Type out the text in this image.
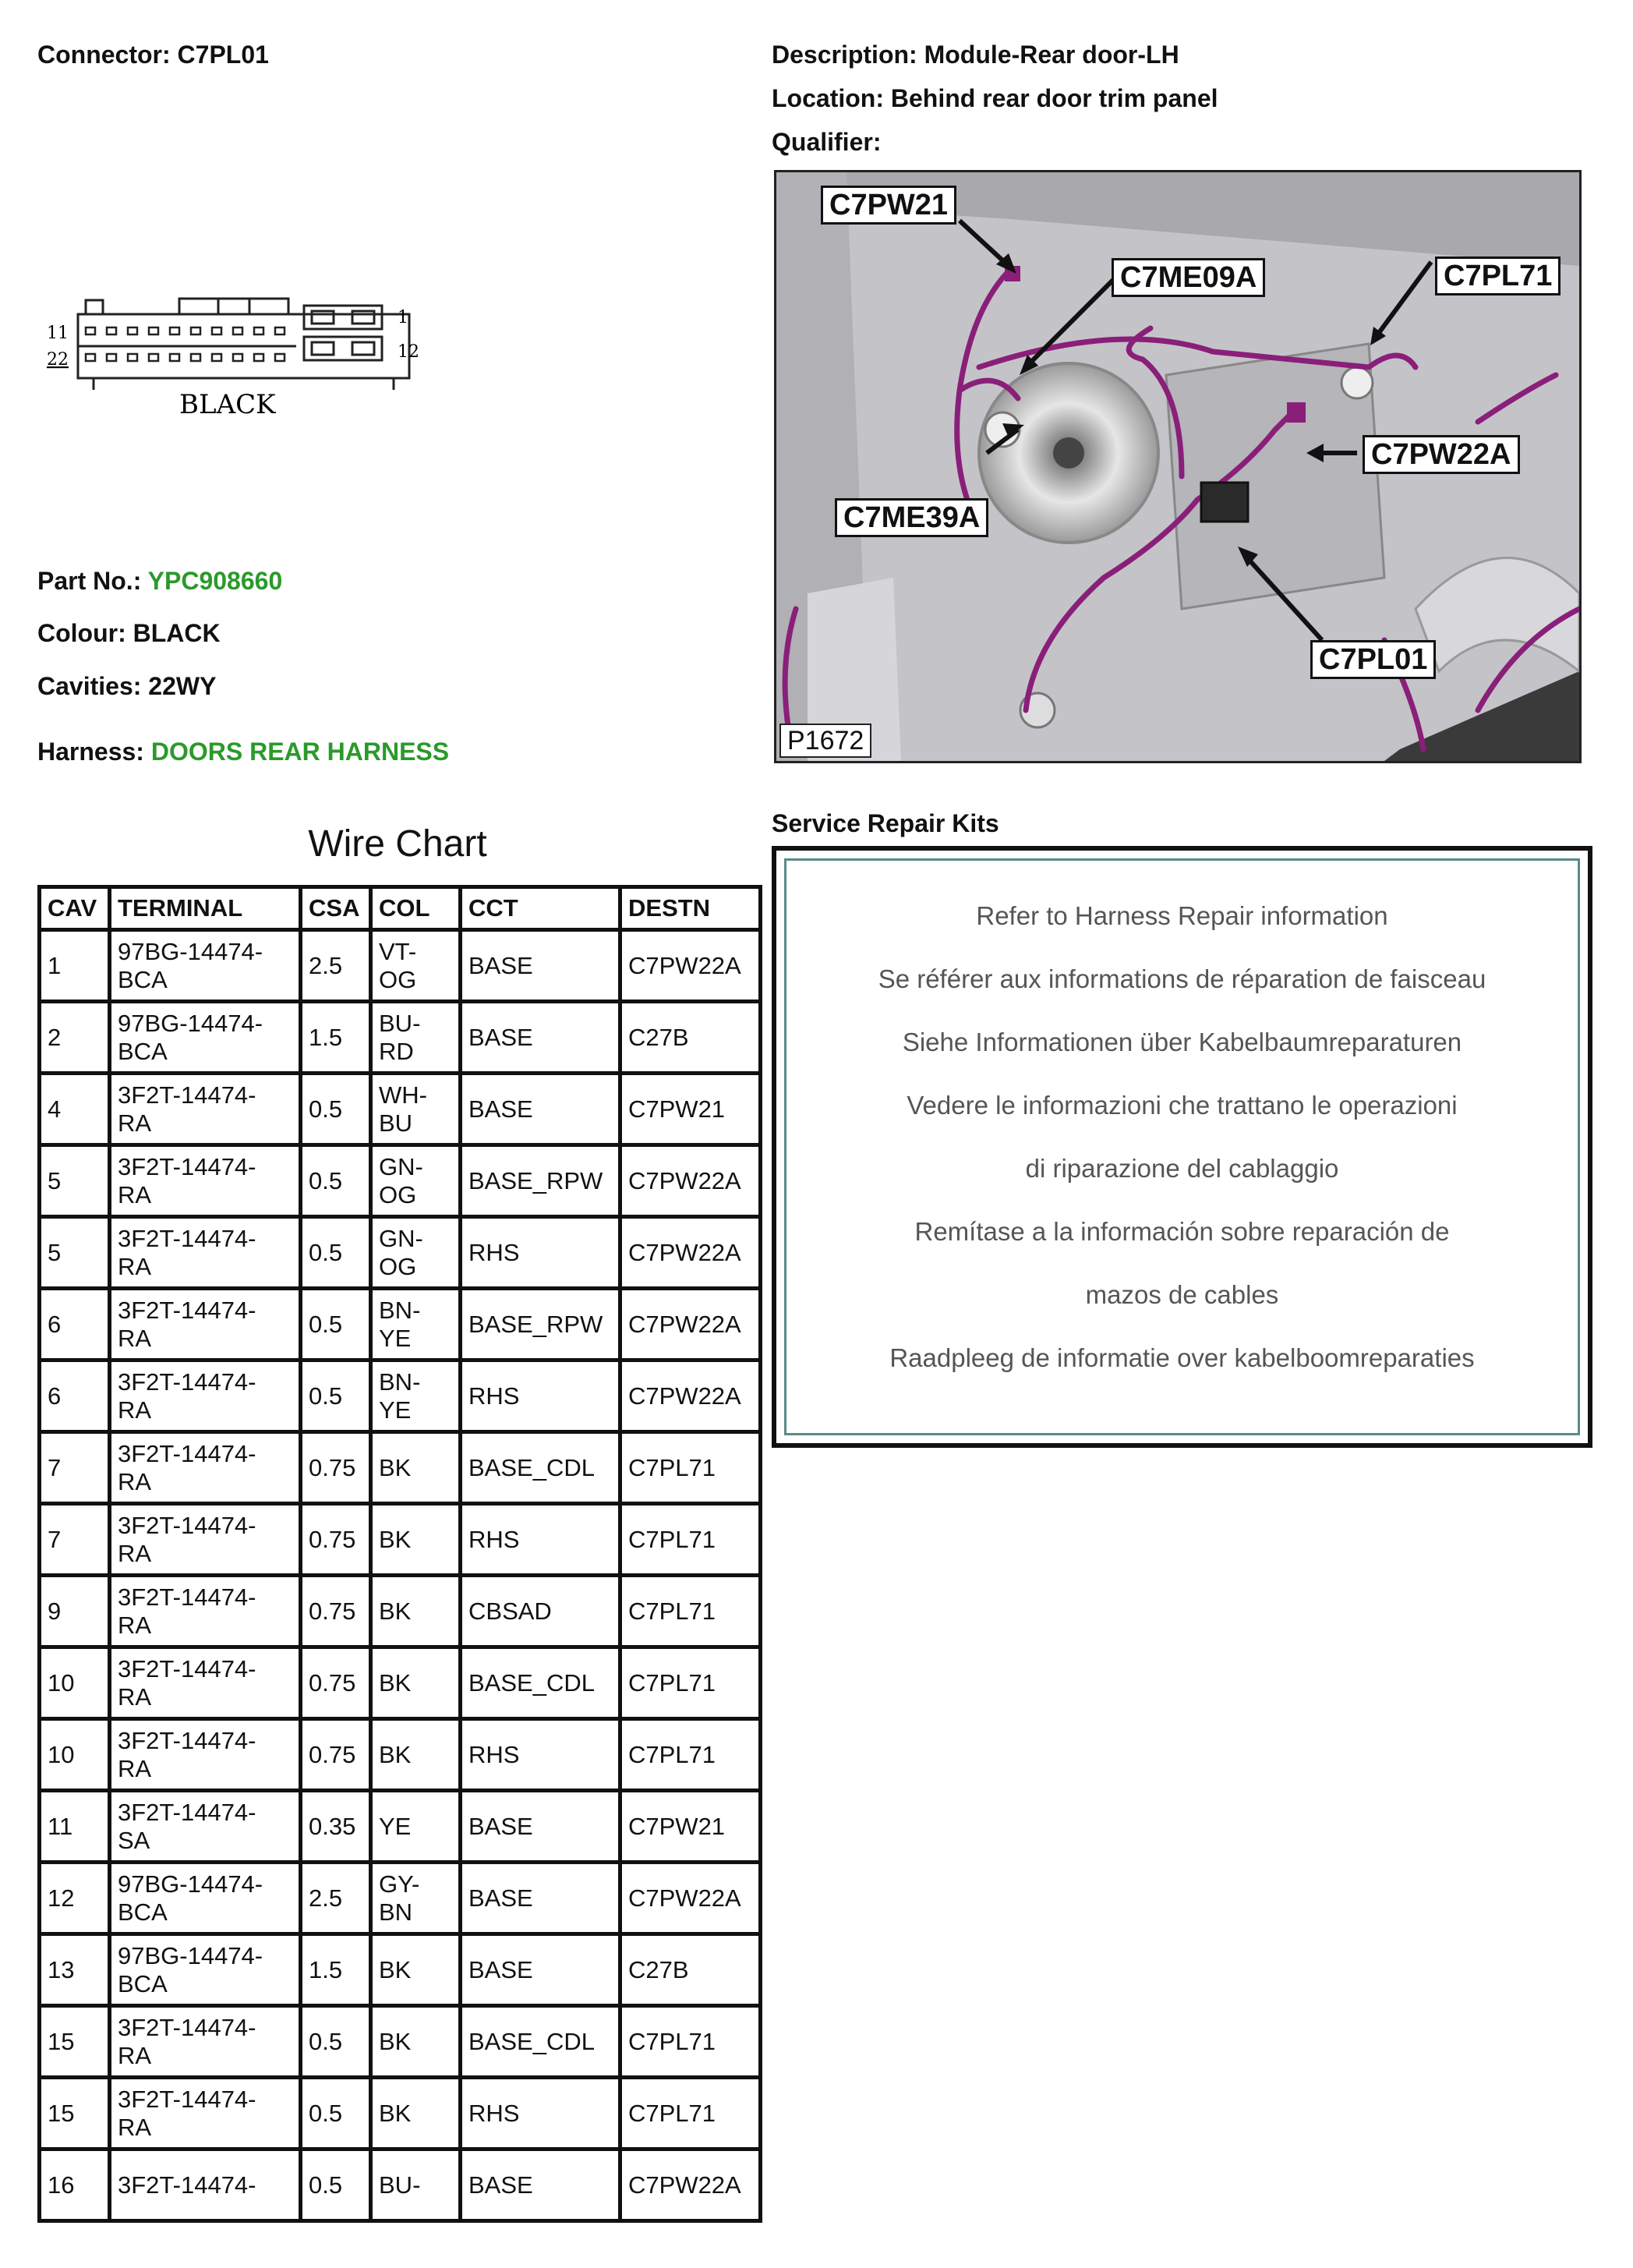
Connector: C7PL01	Description: Module-Rear door-LH
Location: Behind rear door trim panel
Qualifier:
11
22
1
12
BLACK
Part No.: YPC908660
Colour: BLACK
Cavities: 22WY
Harness: DOORS REAR HARNESS
C7PW21
C7ME09A	C7PL71
C7PW22A
C7ME39A
C7PL01
P1672
Wire Chart
CAV	TERMINAL	CSA	COL	CCT	DESTN
1	97BG-14474-
BCA	2.5	VT-
OG	BASE	C7PW22A
2	97BG-14474-
BCA	1.5	BU-
RD	BASE	C27B
4	3F2T-14474-
RA	0.5	WH-
BU	BASE	C7PW21
5	3F2T-14474-
RA	0.5	GN-
OG	BASE_RPW	C7PW22A
5	3F2T-14474-
RA	0.5	GN-
OG	RHS	C7PW22A
6	3F2T-14474-
RA	0.5	BN-
YE	BASE_RPW	C7PW22A
6	3F2T-14474-
RA	0.5	BN-
YE	RHS	C7PW22A
7	3F2T-14474-
RA	0.75	BK	BASE_CDL	C7PL71
7	3F2T-14474-
RA	0.75	BK	RHS	C7PL71
9	3F2T-14474-
RA	0.75	BK	CBSAD	C7PL71
10	3F2T-14474-
RA	0.75	BK	BASE_CDL	C7PL71
10	3F2T-14474-
RA	0.75	BK	RHS	C7PL71
11	3F2T-14474-
SA	0.35	YE	BASE	C7PW21
12	97BG-14474-
BCA	2.5	GY-
BN	BASE	C7PW22A
13	97BG-14474-
BCA	1.5	BK	BASE	C27B
15	3F2T-14474-
RA	0.5	BK	BASE_CDL	C7PL71
15	3F2T-14474-
RA	0.5	BK	RHS	C7PL71
16	3F2T-14474-	0.5	BU-	BASE	C7PW22A
Service Repair Kits
Refer to Harness Repair information
Se référer aux informations de réparation de faisceau
Siehe Informationen über Kabelbaumreparaturen
Vedere le informazioni che trattano le operazioni
di riparazione del cablaggio
Remítase a la información sobre reparación de
mazos de cables
Raadpleeg de informatie over kabelboomreparaties
